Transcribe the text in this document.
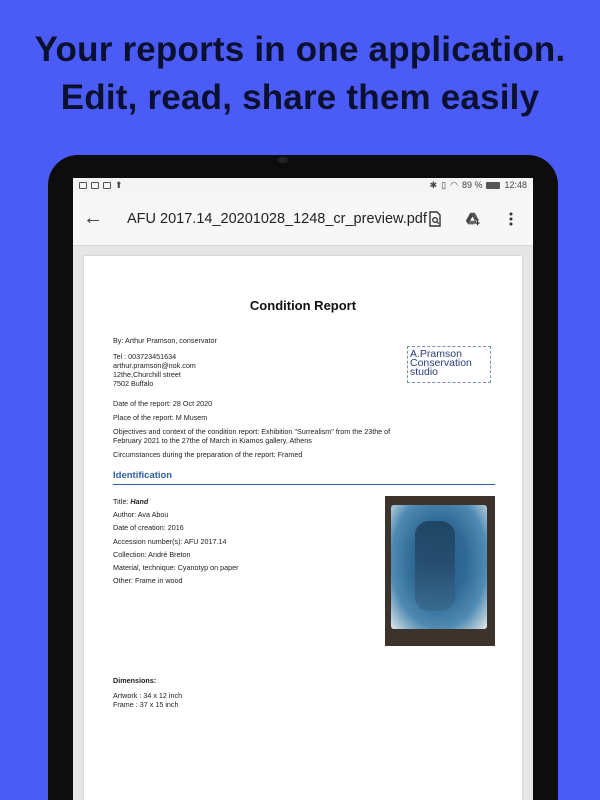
Your reports in one application.
Edit, read, share them easily
⬆	✱ ▯ ◠ 89 % 12:48
←	AFU 2017.14_20201028_1248_cr_preview.pdf
Condition Report
By: Arthur Pramson, conservator
Tel : 003723451634
arthur.pramson@nok.com
12the,Churchill street
7502 Buffalo
A.Pramson
Conservation
studio

Date of the report: 28 Oct 2020

Place of the report: M Musem

Objectives and context of the condition report: Exhibition "Surrealism" from the 23the of February 2021 to the 27the of March in Kiamos gallery, Athens

Circumstances during the preparation of the report: Framed

Identification

Title: Hand

Author: Ava Abou

Date of creation: 2016

Accession number(s): AFU 2017.14

Collection: André Breton

Material, technique: Cyanotyp on paper

Other: Frame in wood

Dimensions:
Artwork : 34 x 12 inch
Frame : 37 x 15 inch
